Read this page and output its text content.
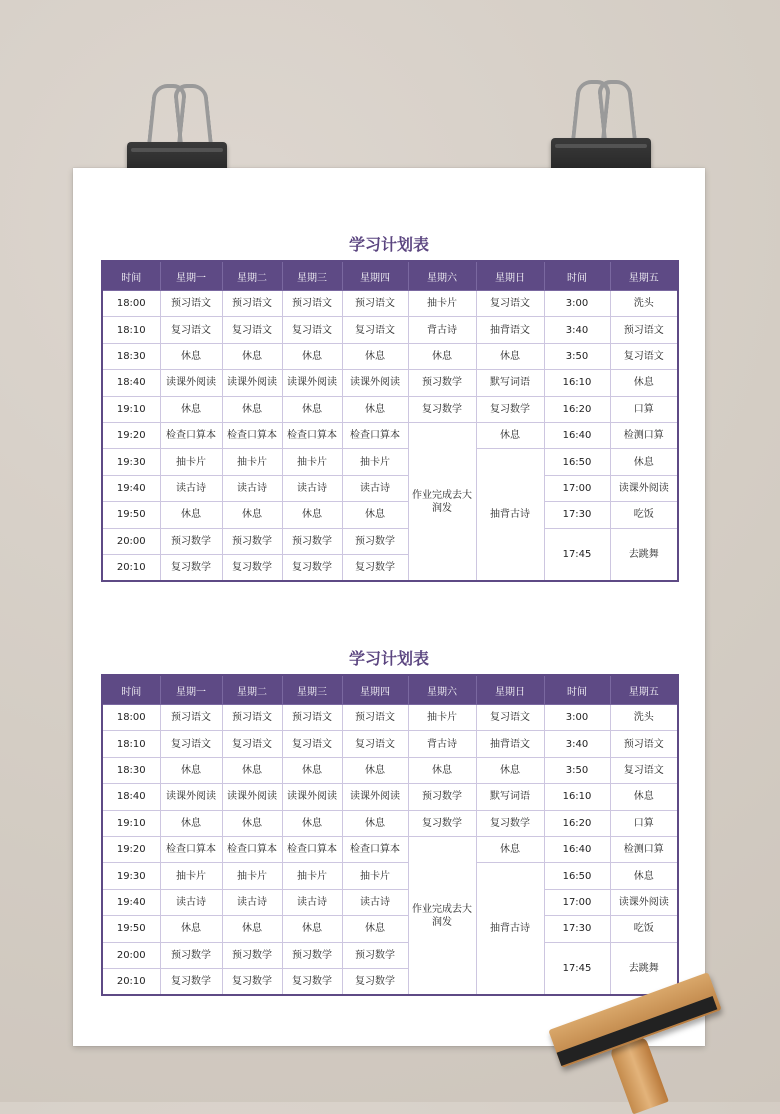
学习计划表
时间	星期一	星期二	星期三	星期四	星期六	星期日	时间	星期五
18:00	预习语文	预习语文	预习语文	预习语文	抽卡片	复习语文	3:00	洗头
18:10	复习语文	复习语文	复习语文	复习语文	背古诗	抽背语文	3:40	预习语文
18:30	休息	休息	休息	休息	休息	休息	3:50	复习语文
18:40	读课外阅读	读课外阅读	读课外阅读	读课外阅读	预习数学	默写词语	16:10	休息
19:10	休息	休息	休息	休息	复习数学	复习数学	16:20	口算
19:20	检查口算本	检查口算本	检查口算本	检查口算本	作业完成去大润发	休息	16:40	检测口算
19:30	抽卡片	抽卡片	抽卡片	抽卡片		抽背古诗	16:50	休息
19:40	读古诗	读古诗	读古诗	读古诗			17:00	读课外阅读
19:50	休息	休息	休息	休息			17:30	吃饭
20:00	预习数学	预习数学	预习数学	预习数学			17:45	去跳舞
20:10	复习数学	复习数学	复习数学	复习数学				
学习计划表
时间	星期一	星期二	星期三	星期四	星期六	星期日	时间	星期五
18:00	预习语文	预习语文	预习语文	预习语文	抽卡片	复习语文	3:00	洗头
18:10	复习语文	复习语文	复习语文	复习语文	背古诗	抽背语文	3:40	预习语文
18:30	休息	休息	休息	休息	休息	休息	3:50	复习语文
18:40	读课外阅读	读课外阅读	读课外阅读	读课外阅读	预习数学	默写词语	16:10	休息
19:10	休息	休息	休息	休息	复习数学	复习数学	16:20	口算
19:20	检查口算本	检查口算本	检查口算本	检查口算本	作业完成去大润发	休息	16:40	检测口算
19:30	抽卡片	抽卡片	抽卡片	抽卡片		抽背古诗	16:50	休息
19:40	读古诗	读古诗	读古诗	读古诗			17:00	读课外阅读
19:50	休息	休息	休息	休息			17:30	吃饭
20:00	预习数学	预习数学	预习数学	预习数学			17:45	去跳舞
20:10	复习数学	复习数学	复习数学	复习数学				
